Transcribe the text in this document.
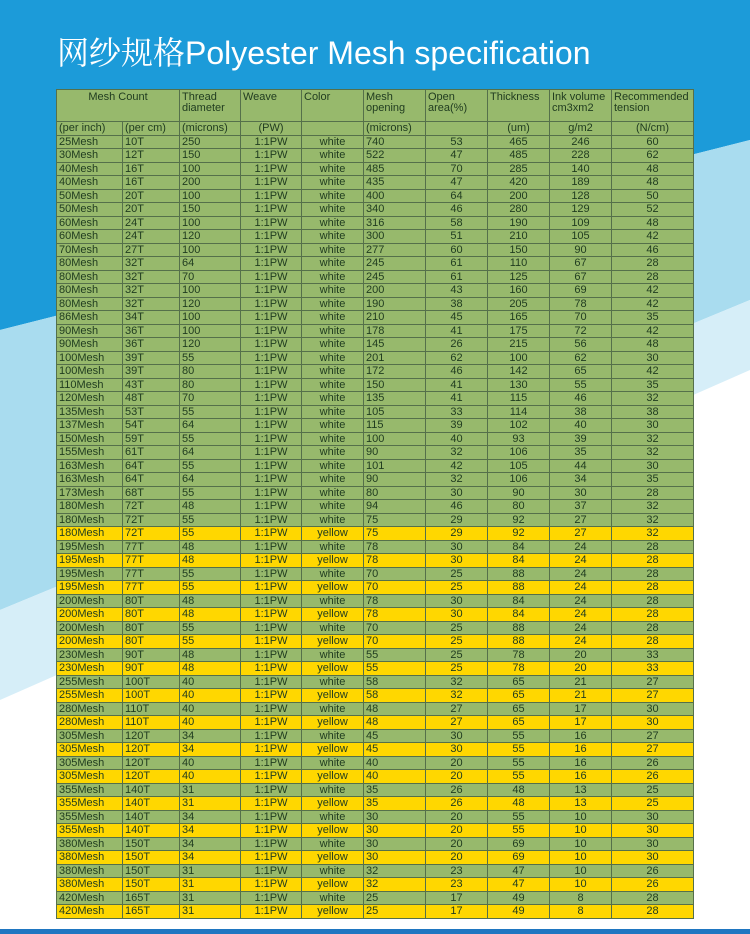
网纱规格Polyester Mesh specification
Mesh Count		Thread diameter	Weave	Color	Mesh opening	Open area(%)	Thickness	Ink volume cm3xm2	Recommended tension
(per inch)	(per cm)	(microns)	(PW)		(microns)		(um)	g/m2	(N/cm)
25Mesh	10T	250	1:1PW	white	740	53	465	246	60
30Mesh	12T	150	1:1PW	white	522	47	485	228	62
40Mesh	16T	100	1:1PW	white	485	70	285	140	48
40Mesh	16T	200	1:1PW	white	435	47	420	189	48
50Mesh	20T	100	1:1PW	white	400	64	200	128	50
50Mesh	20T	150	1:1PW	white	340	46	280	129	52
60Mesh	24T	100	1:1PW	white	316	58	190	109	48
60Mesh	24T	120	1:1PW	white	300	51	210	105	42
70Mesh	27T	100	1:1PW	white	277	60	150	90	46
80Mesh	32T	64	1:1PW	white	245	61	110	67	28
80Mesh	32T	70	1:1PW	white	245	61	125	67	28
80Mesh	32T	100	1:1PW	white	200	43	160	69	42
80Mesh	32T	120	1:1PW	white	190	38	205	78	42
86Mesh	34T	100	1:1PW	white	210	45	165	70	35
90Mesh	36T	100	1:1PW	white	178	41	175	72	42
90Mesh	36T	120	1:1PW	white	145	26	215	56	48
100Mesh	39T	55	1:1PW	white	201	62	100	62	30
100Mesh	39T	80	1:1PW	white	172	46	142	65	42
110Mesh	43T	80	1:1PW	white	150	41	130	55	35
120Mesh	48T	70	1:1PW	white	135	41	115	46	32
135Mesh	53T	55	1:1PW	white	105	33	114	38	38
137Mesh	54T	64	1:1PW	white	115	39	102	40	30
150Mesh	59T	55	1:1PW	white	100	40	93	39	32
155Mesh	61T	64	1:1PW	white	90	32	106	35	32
163Mesh	64T	55	1:1PW	white	101	42	105	44	30
163Mesh	64T	64	1:1PW	white	90	32	106	34	35
173Mesh	68T	55	1:1PW	white	80	30	90	30	28
180Mesh	72T	48	1:1PW	white	94	46	80	37	32
180Mesh	72T	55	1:1PW	white	75	29	92	27	32
180Mesh	72T	55	1:1PW	yellow	75	29	92	27	32
195Mesh	77T	48	1:1PW	white	78	30	84	24	28
195Mesh	77T	48	1:1PW	yellow	78	30	84	24	28
195Mesh	77T	55	1:1PW	white	70	25	88	24	28
195Mesh	77T	55	1:1PW	yellow	70	25	88	24	28
200Mesh	80T	48	1:1PW	white	78	30	84	24	28
200Mesh	80T	48	1:1PW	yellow	78	30	84	24	28
200Mesh	80T	55	1:1PW	white	70	25	88	24	28
200Mesh	80T	55	1:1PW	yellow	70	25	88	24	28
230Mesh	90T	48	1:1PW	white	55	25	78	20	33
230Mesh	90T	48	1:1PW	yellow	55	25	78	20	33
255Mesh	100T	40	1:1PW	white	58	32	65	21	27
255Mesh	100T	40	1:1PW	yellow	58	32	65	21	27
280Mesh	110T	40	1:1PW	white	48	27	65	17	30
280Mesh	110T	40	1:1PW	yellow	48	27	65	17	30
305Mesh	120T	34	1:1PW	white	45	30	55	16	27
305Mesh	120T	34	1:1PW	yellow	45	30	55	16	27
305Mesh	120T	40	1:1PW	white	40	20	55	16	26
305Mesh	120T	40	1:1PW	yellow	40	20	55	16	26
355Mesh	140T	31	1:1PW	white	35	26	48	13	25
355Mesh	140T	31	1:1PW	yellow	35	26	48	13	25
355Mesh	140T	34	1:1PW	white	30	20	55	10	30
355Mesh	140T	34	1:1PW	yellow	30	20	55	10	30
380Mesh	150T	34	1:1PW	white	30	20	69	10	30
380Mesh	150T	34	1:1PW	yellow	30	20	69	10	30
380Mesh	150T	31	1:1PW	white	32	23	47	10	26
380Mesh	150T	31	1:1PW	yellow	32	23	47	10	26
420Mesh	165T	31	1:1PW	white	25	17	49	8	28
420Mesh	165T	31	1:1PW	yellow	25	17	49	8	28
